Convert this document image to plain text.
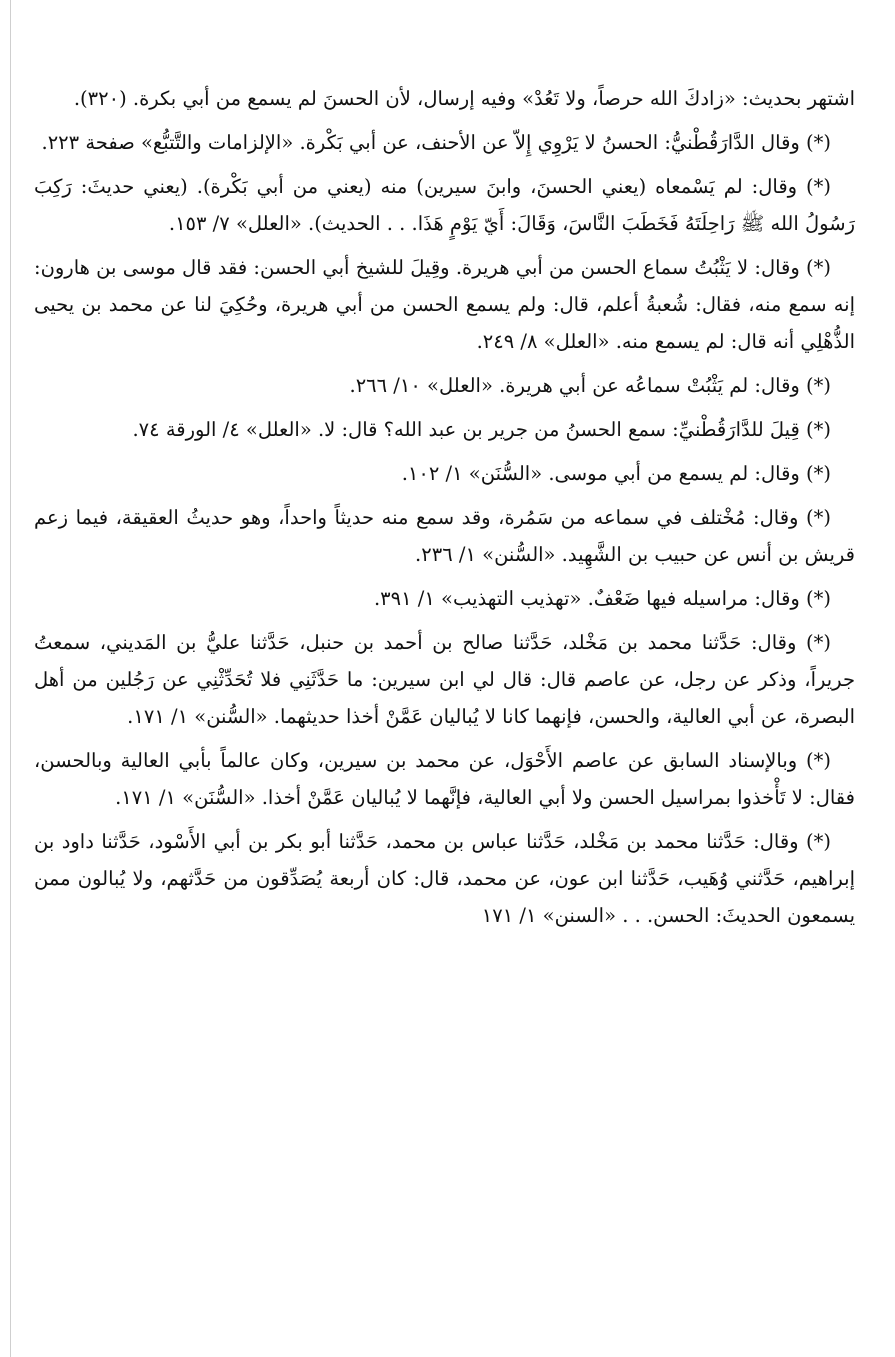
اشتهر بحديث: «زادكَ الله حرصاً، ولا تَعُدْ» وفيه إرسال، لأن الحسنَ لم يسمع من أبي بكرة. (٣٢٠).

(*) وقال الدَّارَقُطْنيُّ: الحسنُ لا يَرْوِي إِلاّ عن الأحنف، عن أبي بَكْرة. «الإلزامات والتَّتبُّع» صفحة ٢٢٣.

(*) وقال: لم يَسْمعاه (يعني الحسنَ، وابنَ سيرين) منه (يعني من أبي بَكْرة). (يعني حديثَ: رَكِبَ رَسُولُ الله ﷺ رَاحِلَتَهُ فَخَطَبَ النَّاسَ، وَقَالَ: أَيّ يَوْمٍ هَذَا. . . الحديث). «العلل» ٧/ ١٥٣.

(*) وقال: لا يَثْبُتُ سماع الحسن من أبي هريرة. وقِيلَ للشيخ أبي الحسن: فقد قال موسى بن هارون: إنه سمع منه، فقال: شُعبةُ أعلم، قال: ولم يسمع الحسن من أبي هريرة، وحُكِيَ لنا عن محمد بن يحيى الذُّهْلِي أنه قال: لم يسمع منه. «العلل» ٨/ ٢٤٩.

(*) وقال: لم يَثْبُتْ سماعُه عن أبي هريرة. «العلل» ١٠/ ٢٦٦.

(*) قِيلَ للدَّارَقُطْنيِّ: سمع الحسنُ من جرير بن عبد الله؟ قال: لا. «العلل» ٤/ الورقة ٧٤.

(*) وقال: لم يسمع من أبي موسى. «السُّنَن» ١/ ١٠٢.

(*) وقال: مُخْتلف في سماعه من سَمُرة، وقد سمع منه حديثاً واحداً، وهو حديثُ العقيقة، فيما زعم قريش بن أنس عن حبيب بن الشَّهِيد. «السُّنن» ١/ ٢٣٦.

(*) وقال: مراسيله فيها ضَعْفٌ. «تهذيب التهذيب» ١/ ٣٩١.

(*) وقال: حَدَّثنا محمد بن مَخْلد، حَدَّثنا صالح بن أحمد بن حنبل، حَدَّثنا عليُّ بن المَديني، سمعتُ جريراً، وذكر عن رجل، عن عاصم قال: قال لي ابن سيرين: ما حَدَّثَنِي فلا تُحَدِّثْنِي عن رَجُلين من أهل البصرة، عن أبي العالية، والحسن، فإنهما كانا لا يُباليان عَمَّنْ أخذا حديثهما. «السُّنن» ١/ ١٧١.

(*) وبالإسناد السابق عن عاصم الأَحْوَل، عن محمد بن سيرين، وكان عالماً بأبي العالية وبالحسن، فقال: لا تَأْخذوا بمراسيل الحسن ولا أبي العالية، فإنَّهما لا يُباليان عَمَّنْ أخذا. «السُّنَن» ١/ ١٧١.

(*) وقال: حَدَّثنا محمد بن مَخْلد، حَدَّثنا عباس بن محمد، حَدَّثنا أبو بكر بن أبي الأَسْود، حَدَّثنا داود بن إبراهيم، حَدَّثني وُهَيب، حَدَّثنا ابن عون، عن محمد، قال: كان أربعة يُصَدِّقون من حَدَّثهم، ولا يُبالون ممن يسمعون الحديثَ: الحسن. . . «السنن» ١/ ١٧١
